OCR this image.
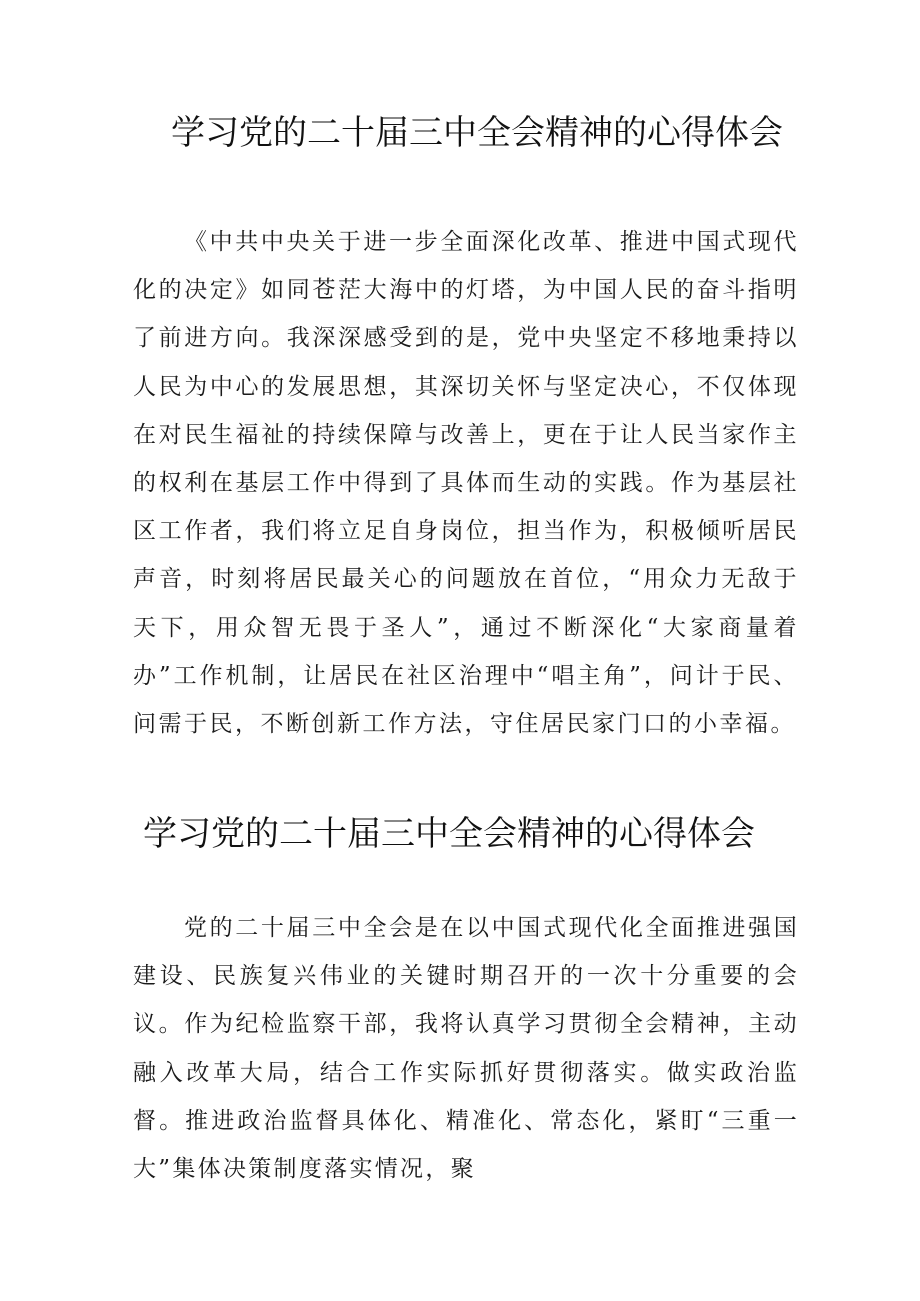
学习党的二十届三中全会精神的心得体会

《中共中央关于进一步全面深化改革、推进中国式现代化的决定》如同苍茫大海中的灯塔，为中国人民的奋斗指明了前进方向。我深深感受到的是，党中央坚定不移地秉持以人民为中心的发展思想，其深切关怀与坚定决心，不仅体现在对民生福祉的持续保障与改善上，更在于让人民当家作主的权利在基层工作中得到了具体而生动的实践。作为基层社区工作者，我们将立足自身岗位，担当作为，积极倾听居民声音，时刻将居民最关心的问题放在首位，“用众力无敌于天下，用众智无畏于圣人”，通过不断深化“大家商量着办”工作机制，让居民在社区治理中“唱主角”，问计于民、问需于民，不断创新工作方法，守住居民家门口的小幸福。

学习党的二十届三中全会精神的心得体会

党的二十届三中全会是在以中国式现代化全面推进强国建设、民族复兴伟业的关键时期召开的一次十分重要的会议。作为纪检监察干部，我将认真学习贯彻全会精神，主动融入改革大局，结合工作实际抓好贯彻落实。做实政治监督。推进政治监督具体化、精准化、常态化，紧盯“三重一大”集体决策制度落实情况，聚
